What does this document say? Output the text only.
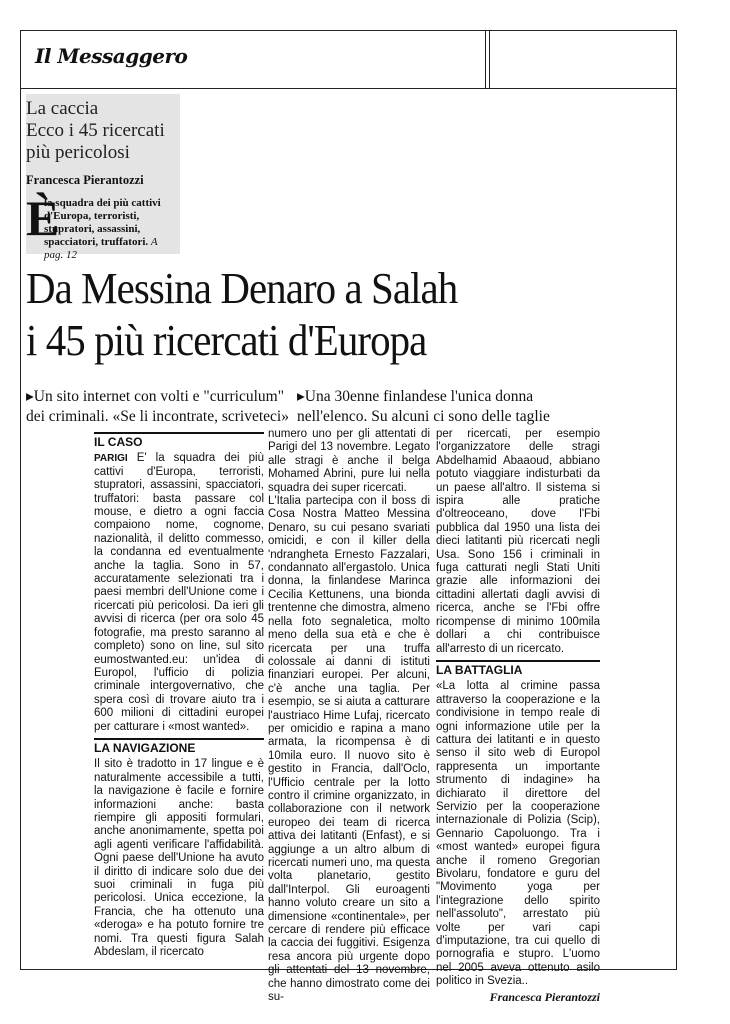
Il Messaggero
La caccia
Ecco i 45 ricercati più pericolosi
Francesca Pierantozzi
È
la squadra dei più cattivi d'Europa, terroristi, stupratori, assassini, spacciatori, truffatori. A pag. 12
Da Messina Denaro a Salah
i 45 più ricercati d'Europa
▸Un sito internet con volti e "curriculum" dei criminali. «Se li incontrate, scriveteci»
▸Una 30enne finlandese l'unica donna nell'elenco. Su alcuni ci sono delle taglie
IL CASO

PARIGI E' la squadra dei più cattivi d'Europa, terroristi, stupratori, assassini, spacciatori, truffatori: basta passare col mouse, e dietro a ogni faccia compaiono nome, cognome, nazionalità, il delitto commesso, la condanna ed eventualmente anche la taglia. Sono in 57, accuratamente selezionati tra i paesi membri dell'Unione come i ricercati più pericolosi. Da ieri gli avvisi di ricerca (per ora solo 45 fotografie, ma presto saranno al completo) sono on line, sul sito eumostwanted.eu: un'idea di Europol, l'ufficio di polizia criminale intergovernativo, che spera così di trovare aiuto tra i 600 milioni di cittadini europei per catturare i «most wanted».

LA NAVIGAZIONE

Il sito è tradotto in 17 lingue e è naturalmente accessibile a tutti, la navigazione è facile e fornire informazioni anche: basta riempire gli appositi formulari, anche anonimamente, spetta poi agli agenti verificare l'affidabilità. Ogni paese dell'Unione ha avuto il diritto di indicare solo due dei suoi criminali in fuga più pericolosi. Unica eccezione, la Francia, che ha ottenuto una «deroga» e ha potuto fornire tre nomi. Tra questi figura Salah Abdeslam, il ricercato

numero uno per gli attentati di Parigi del 13 novembre. Legato alle stragi è anche il belga Mohamed Abrini, pure lui nella squadra dei super ricercati.

L'Italia partecipa con il boss di Cosa Nostra Matteo Messina Denaro, su cui pesano svariati omicidi, e con il killer della 'ndrangheta Ernesto Fazzalari, condannato all'ergastolo. Unica donna, la finlandese Marinca Cecilia Kettunens, una bionda trentenne che dimostra, almeno nella foto segnaletica, molto meno della sua età e che è ricercata per una truffa colossale ai danni di istituti finanziari europei. Per alcuni, c'è anche una taglia. Per esempio, se si aiuta a catturare l'austriaco Hime Lufaj, ricercato per omicidio e rapina a mano armata, la ricompensa è di 10mila euro. Il nuovo sito è gestito in Francia, dall'Oclo, l'Ufficio centrale per la lotto contro il crimine organizzato, in collaborazione con il network europeo dei team di ricerca attiva dei latitanti (Enfast), e si aggiunge a un altro album di ricercati numeri uno, ma questa volta planetario, gestito dall'Interpol. Gli euroagenti hanno voluto creare un sito a dimensione «continentale», per cercare di rendere più efficace la caccia dei fuggitivi. Esigenza resa ancora più urgente dopo gli attentati del 13 novembre, che hanno dimostrato come dei su-

per ricercati, per esempio l'organizzatore delle stragi Abdelhamid Abaaoud, abbiano potuto viaggiare indisturbati da un paese all'altro. Il sistema si ispira alle pratiche d'oltreoceano, dove l'Fbi pubblica dal 1950 una lista dei dieci latitanti più ricercati negli Usa. Sono 156 i criminali in fuga catturati negli Stati Uniti grazie alle informazioni dei cittadini allertati dagli avvisi di ricerca, anche se l'Fbi offre ricompense di minimo 100mila dollari a chi contribuisce all'arresto di un ricercato.

LA BATTAGLIA

«La lotta al crimine passa attraverso la cooperazione e la condivisione in tempo reale di ogni informazione utile per la cattura dei latitanti e in questo senso il sito web di Europol rappresenta un importante strumento di indagine» ha dichiarato il direttore del Servizio per la cooperazione internazionale di Polizia (Scip), Gennario Capoluongo. Tra i «most wanted» europei figura anche il romeno Gregorian Bivolaru, fondatore e guru del "Movimento yoga per l'integrazione dello spirito nell'assoluto", arrestato più volte per vari capi d'imputazione, tra cui quello di pornografia e stupro. L'uomo nel 2005 aveva ottenuto asilo politico in Svezia..

Francesca Pierantozzi
